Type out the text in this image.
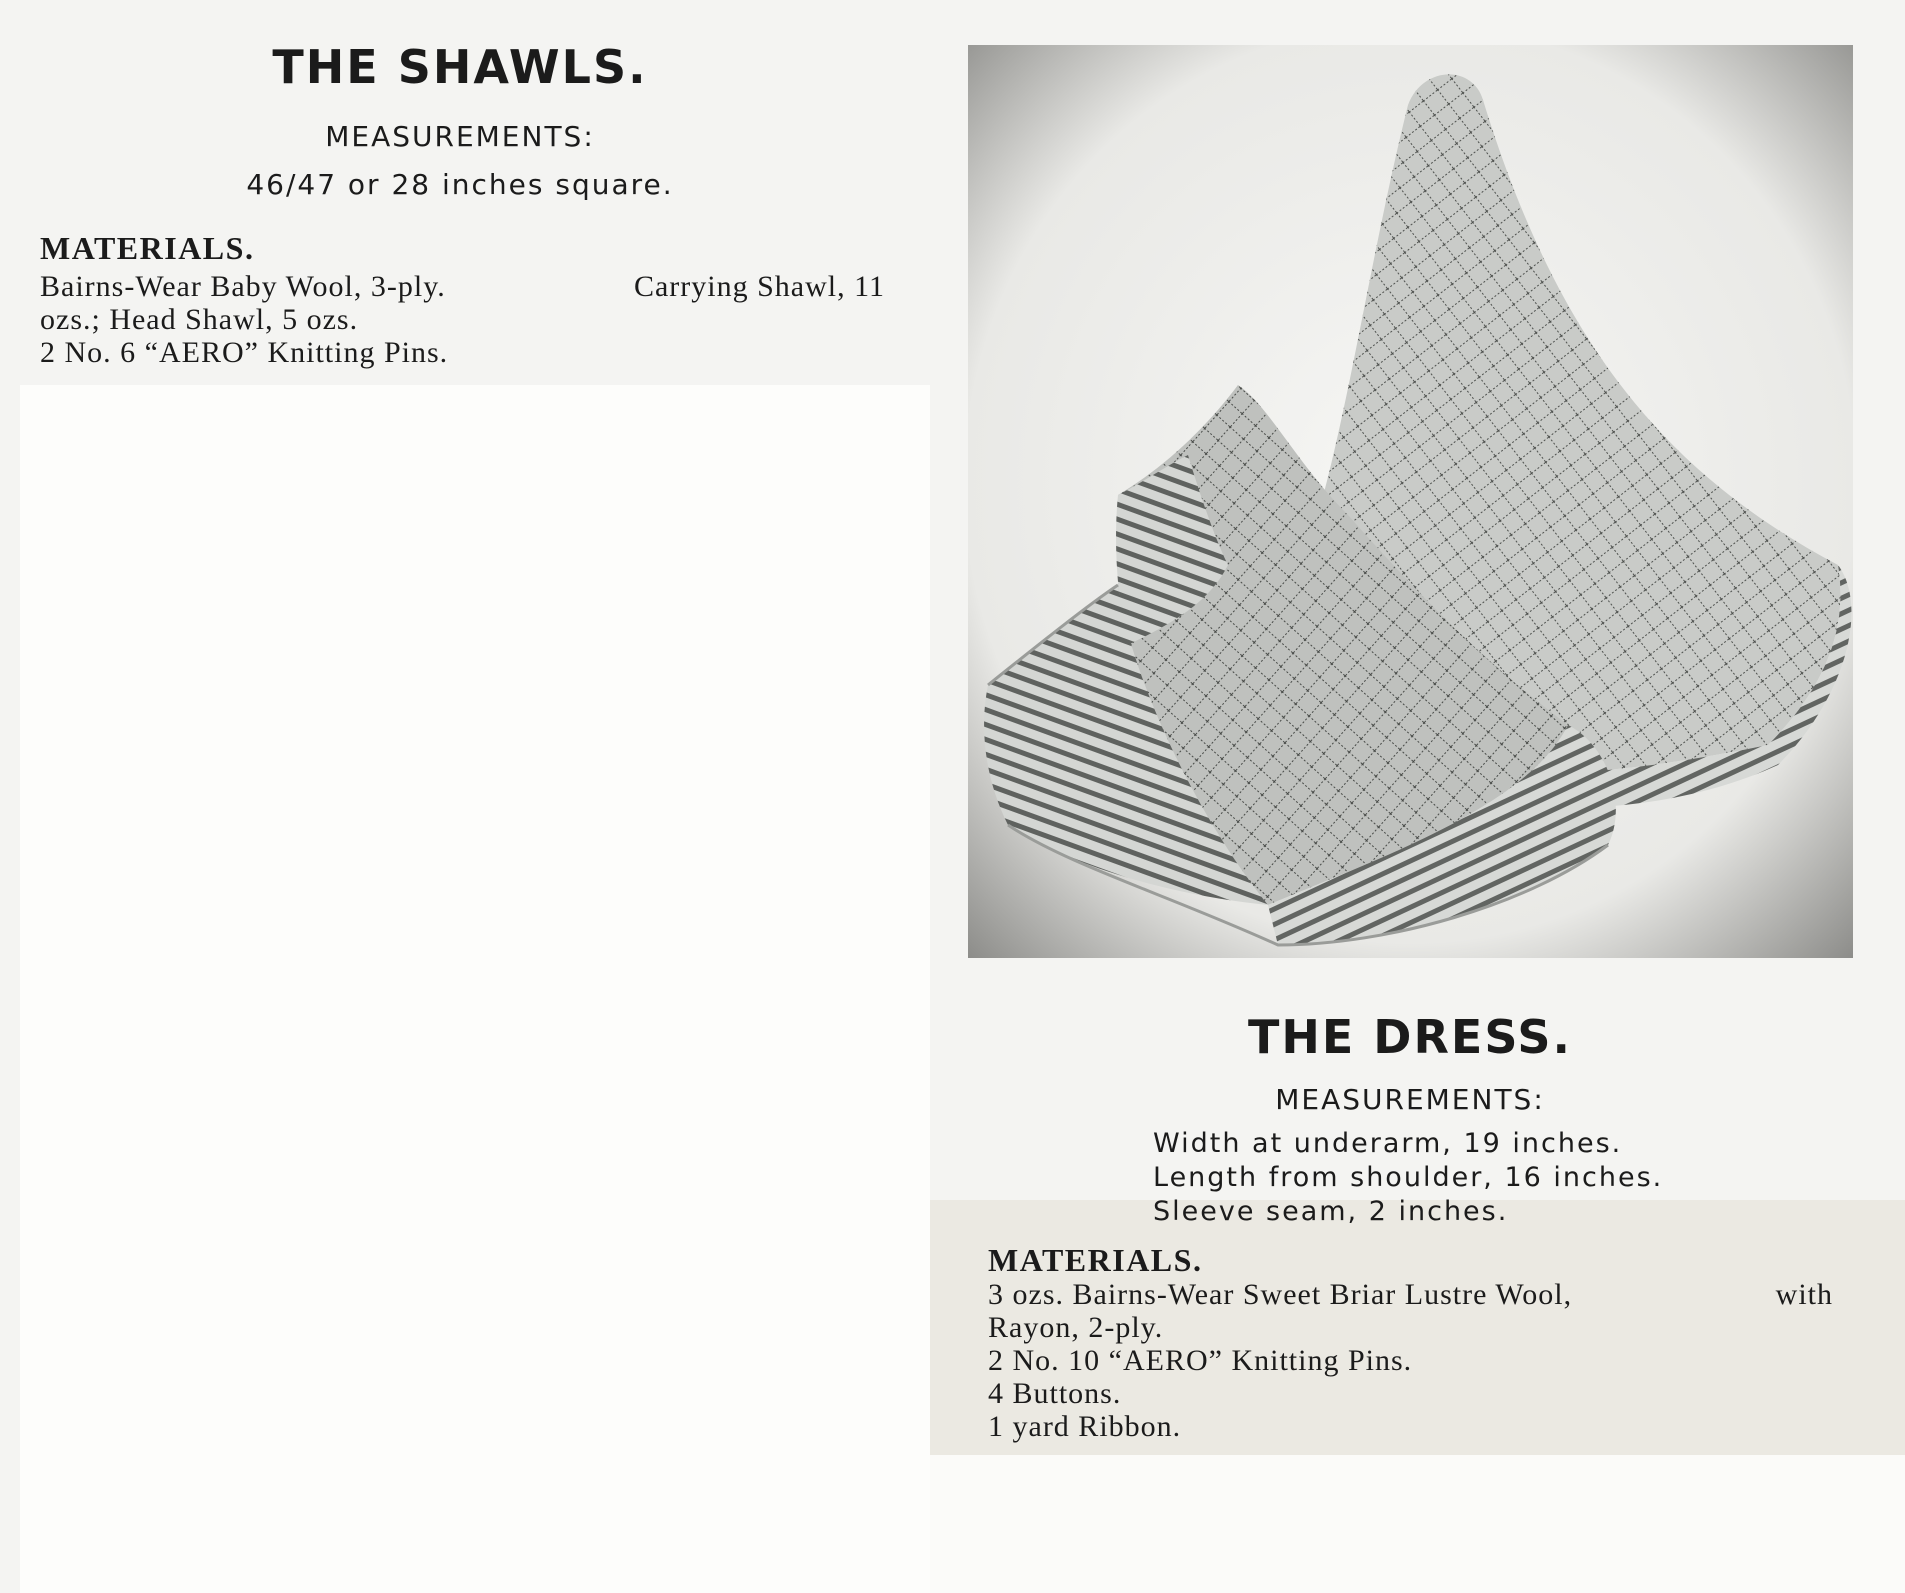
THE SHAWLS.
MEASUREMENTS:
46/47 or 28 inches square.
MATERIALS.
Bairns-Wear Baby Wool, 3-ply.	Carrying Shawl, 11
ozs.; Head Shawl, 5 ozs.
2 No. 6 “AERO” Knitting Pins.
THE DRESS.
MEASUREMENTS:
Width at underarm, 19 inches.
Length from shoulder, 16 inches.
Sleeve seam, 2 inches.
MATERIALS.
3 ozs. Bairns-Wear Sweet Briar Lustre Wool,	with
Rayon, 2-ply.
2 No. 10 “AERO” Knitting Pins.
4 Buttons.
1 yard Ribbon.
